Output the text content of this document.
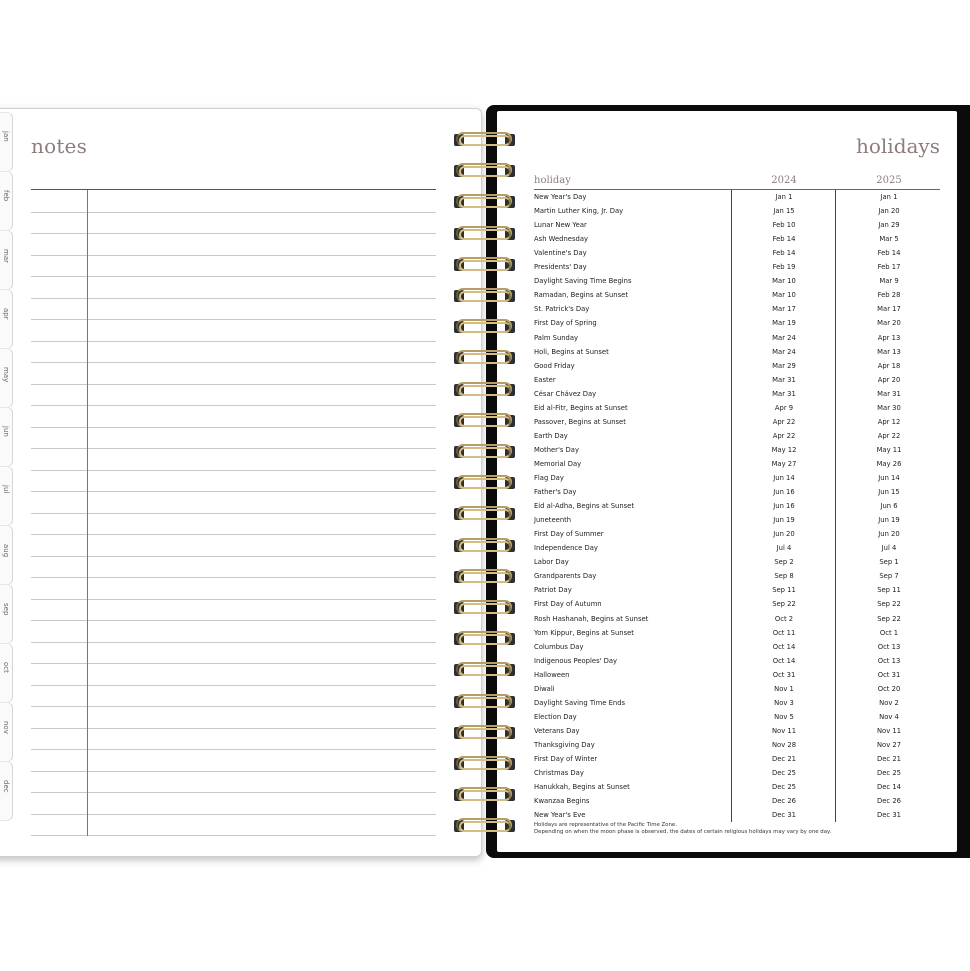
jan
feb
mar
apr
may
jun
jul
aug
sep
oct
nov
dec
notes	holidays
holiday	2024	2025
New Year's Day	Jan 1	Jan 1
Martin Luther King, Jr. Day	Jan 15	Jan 20
Lunar New Year	Feb 10	Jan 29
Ash Wednesday	Feb 14	Mar 5
Valentine's Day	Feb 14	Feb 14
Presidents' Day	Feb 19	Feb 17
Daylight Saving Time Begins	Mar 10	Mar 9
Ramadan, Begins at Sunset	Mar 10	Feb 28
St. Patrick's Day	Mar 17	Mar 17
First Day of Spring	Mar 19	Mar 20
Palm Sunday	Mar 24	Apr 13
Holi, Begins at Sunset	Mar 24	Mar 13
Good Friday	Mar 29	Apr 18
Easter	Mar 31	Apr 20
César Chávez Day	Mar 31	Mar 31
Eid al-Fitr, Begins at Sunset	Apr 9	Mar 30
Passover, Begins at Sunset	Apr 22	Apr 12
Earth Day	Apr 22	Apr 22
Mother's Day	May 12	May 11
Memorial Day	May 27	May 26
Flag Day	Jun 14	Jun 14
Father's Day	Jun 16	Jun 15
Eid al-Adha, Begins at Sunset	Jun 16	Jun 6
Juneteenth	Jun 19	Jun 19
First Day of Summer	Jun 20	Jun 20
Independence Day	Jul 4	Jul 4
Labor Day	Sep 2	Sep 1
Grandparents Day	Sep 8	Sep 7
Patriot Day	Sep 11	Sep 11
First Day of Autumn	Sep 22	Sep 22
Rosh Hashanah, Begins at Sunset	Oct 2	Sep 22
Yom Kippur, Begins at Sunset	Oct 11	Oct 1
Columbus Day	Oct 14	Oct 13
Indigenous Peoples' Day	Oct 14	Oct 13
Halloween	Oct 31	Oct 31
Diwali	Nov 1	Oct 20
Daylight Saving Time Ends	Nov 3	Nov 2
Election Day	Nov 5	Nov 4
Veterans Day	Nov 11	Nov 11
Thanksgiving Day	Nov 28	Nov 27
First Day of Winter	Dec 21	Dec 21
Christmas Day	Dec 25	Dec 25
Hanukkah, Begins at Sunset	Dec 25	Dec 14
Kwanzaa Begins	Dec 26	Dec 26
New Year's Eve	Dec 31	Dec 31
Holidays are representative of the Pacific Time Zone.
Depending on when the moon phase is observed, the dates of certain religious holidays may vary by one day.
